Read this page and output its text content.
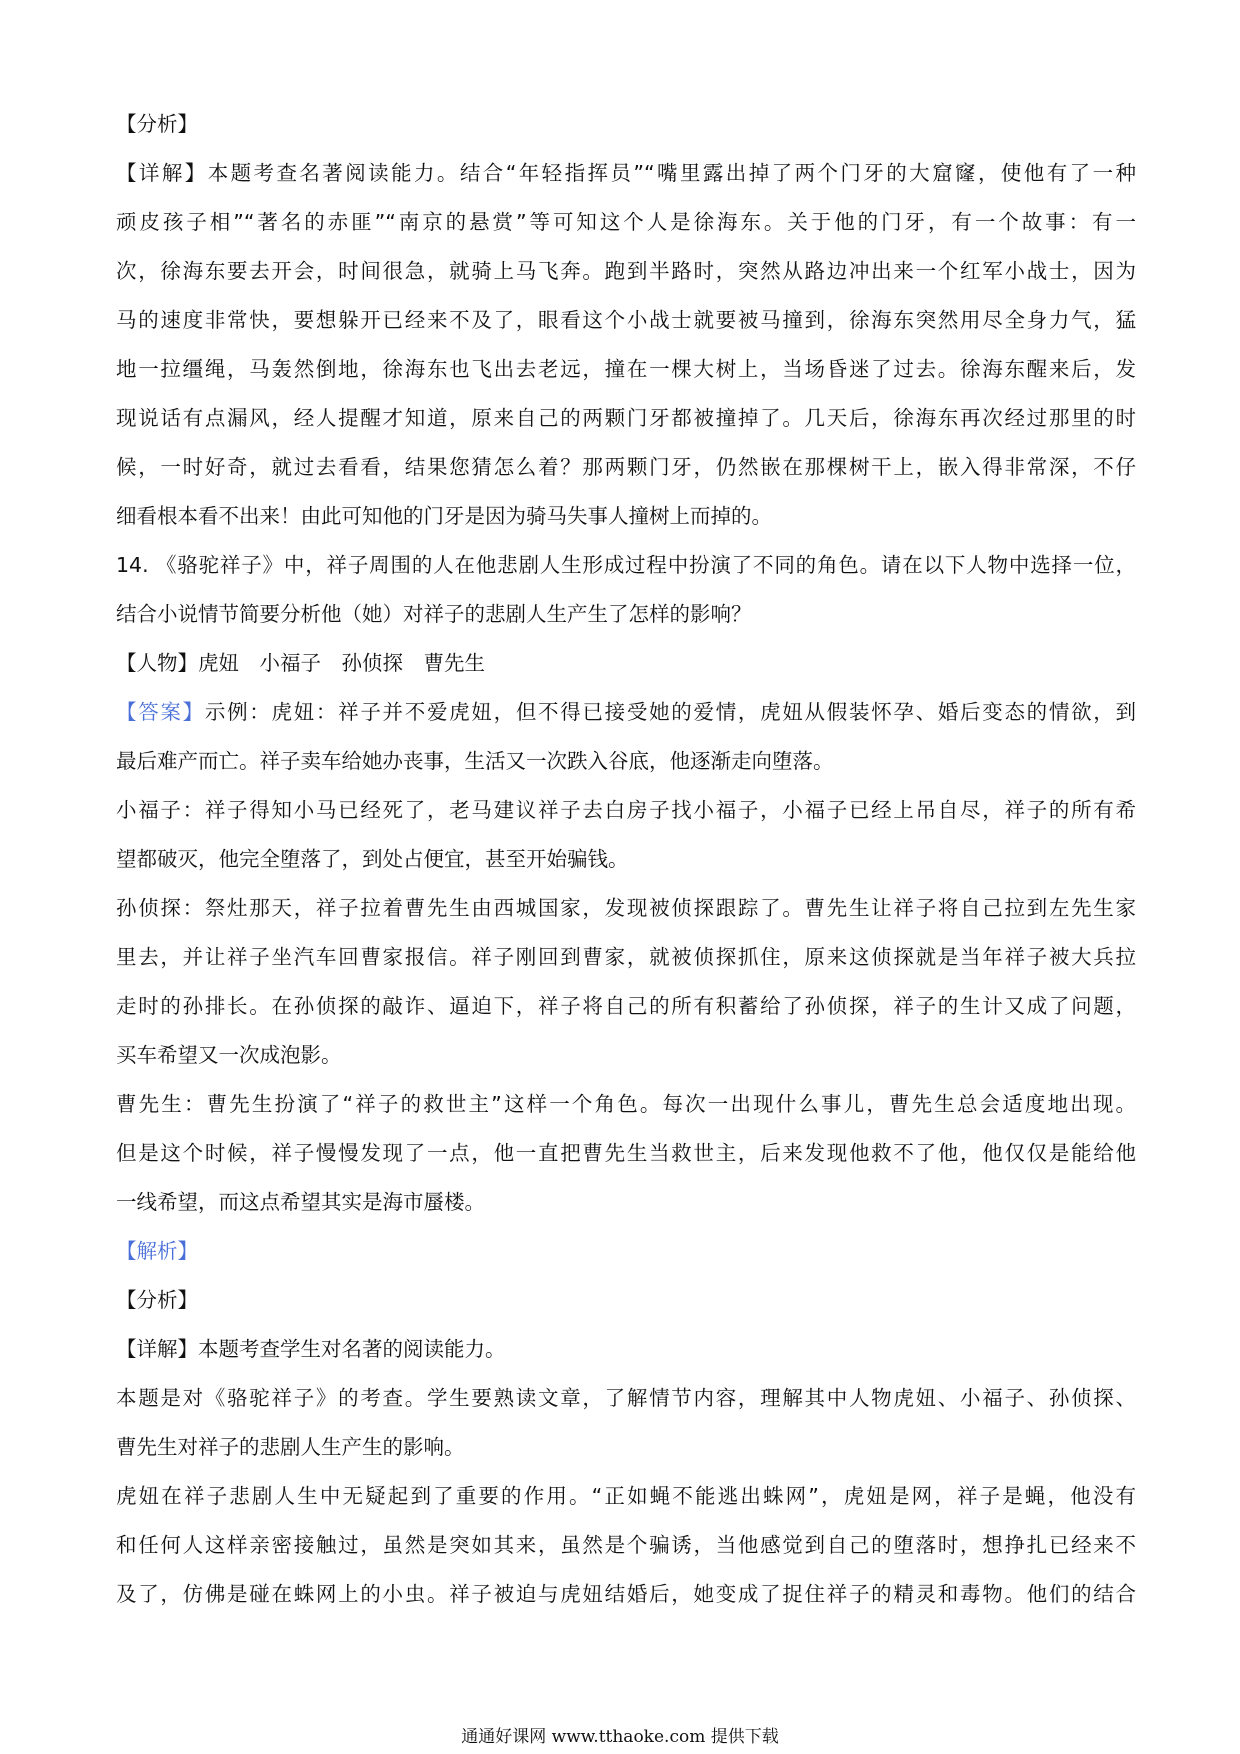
【分析】
【详解】本题考查名著阅读能力。结合“年轻指挥员”“嘴里露出掉了两个门牙的大窟窿，使他有了一种
顽皮孩子相”“著名的赤匪”“南京的悬赏”等可知这个人是徐海东。关于他的门牙，有一个故事：有一
次，徐海东要去开会，时间很急，就骑上马飞奔。跑到半路时，突然从路边冲出来一个红军小战士，因为
马的速度非常快，要想躲开已经来不及了，眼看这个小战士就要被马撞到，徐海东突然用尽全身力气，猛
地一拉缰绳，马轰然倒地，徐海东也飞出去老远，撞在一棵大树上，当场昏迷了过去。徐海东醒来后，发
现说话有点漏风，经人提醒才知道，原来自己的两颗门牙都被撞掉了。几天后，徐海东再次经过那里的时
候，一时好奇，就过去看看，结果您猜怎么着？那两颗门牙，仍然嵌在那棵树干上，嵌入得非常深，不仔
细看根本看不出来！由此可知他的门牙是因为骑马失事人撞树上而掉的。
14. 《骆驼祥子》中，祥子周围的人在他悲剧人生形成过程中扮演了不同的角色。请在以下人物中选择一位，
结合小说情节简要分析他（她）对祥子的悲剧人生产生了怎样的影响？
【人物】虎妞　小福子　孙侦探　曹先生
【答案】示例：虎妞：祥子并不爱虎妞，但不得已接受她的爱情，虎妞从假装怀孕、婚后变态的情欲，到
最后难产而亡。祥子卖车给她办丧事，生活又一次跌入谷底，他逐渐走向堕落。
小福子：祥子得知小马已经死了，老马建议祥子去白房子找小福子，小福子已经上吊自尽，祥子的所有希
望都破灭，他完全堕落了，到处占便宜，甚至开始骗钱。
孙侦探：祭灶那天，祥子拉着曹先生由西城国家，发现被侦探跟踪了。曹先生让祥子将自己拉到左先生家
里去，并让祥子坐汽车回曹家报信。祥子刚回到曹家，就被侦探抓住，原来这侦探就是当年祥子被大兵拉
走时的孙排长。在孙侦探的敲诈、逼迫下，祥子将自己的所有积蓄给了孙侦探，祥子的生计又成了问题，
买车希望又一次成泡影。
曹先生：曹先生扮演了“祥子的救世主”这样一个角色。每次一出现什么事儿，曹先生总会适度地出现。
但是这个时候，祥子慢慢发现了一点，他一直把曹先生当救世主，后来发现他救不了他，他仅仅是能给他
一线希望，而这点希望其实是海市蜃楼。
【解析】
【分析】
【详解】本题考查学生对名著的阅读能力。
本题是对《骆驼祥子》的考查。学生要熟读文章，了解情节内容，理解其中人物虎妞、小福子、孙侦探、
曹先生对祥子的悲剧人生产生的影响。
虎妞在祥子悲剧人生中无疑起到了重要的作用。“正如蝇不能逃出蛛网”，虎妞是网，祥子是蝇，他没有
和任何人这样亲密接触过，虽然是突如其来，虽然是个骗诱，当他感觉到自己的堕落时，想挣扎已经来不
及了，仿佛是碰在蛛网上的小虫。祥子被迫与虎妞结婚后，她变成了捉住祥子的精灵和毒物。他们的结合
通通好课网 www.tthaoke.com 提供下载
